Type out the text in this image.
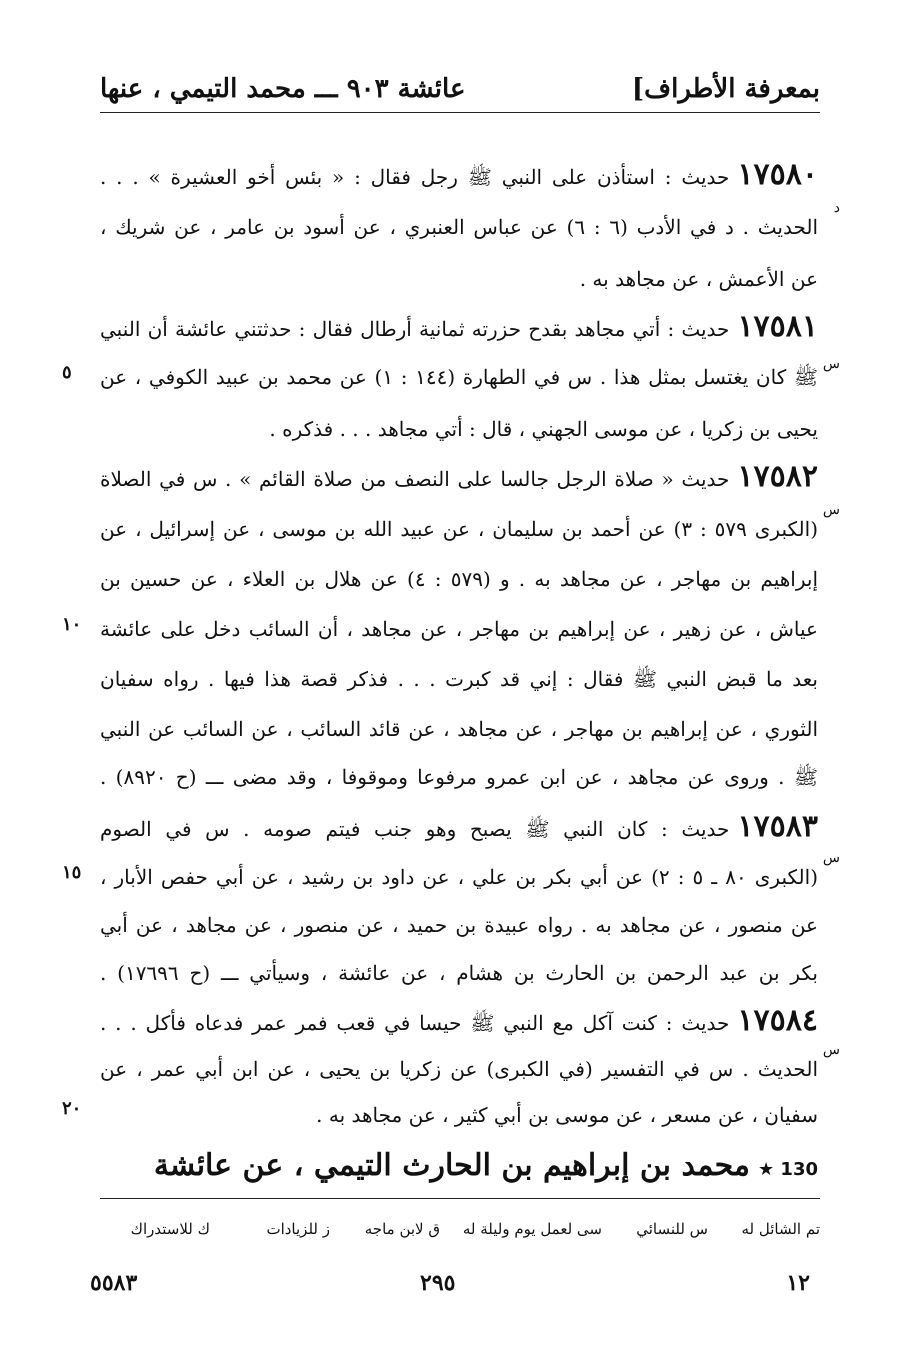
بمعرفة الأطراف]
عائشة ٩٠٣ ـــ محمد التيمي ، عنها
١٧٥٨٠حديث : استأذن على النبي ﷺ رجل فقال : « بئس أخو العشيرة » . . .
د
الحديث . د في الأدب (٦ : ٦) عن عباس العنبري ، عن أسود بن عامر ، عن شريك ،
عن الأعمش ، عن مجاهد به .
١٧٥٨١حديث : أتي مجاهد بقدح حزرته ثمانية أرطال فقال : حدثتني عائشة أن النبي
س
٥ ﷺ كان يغتسل بمثل هذا . س في الطهارة (١٤٤ : ١) عن محمد بن عبيد الكوفي ، عن
يحيى بن زكريا ، عن موسى الجهني ، قال : أتي مجاهد . . . فذكره .
١٧٥٨٢حديث « صلاة الرجل جالسا على النصف من صلاة القائم » . س في الصلاة
س
(الكبرى ٥٧٩ : ٣) عن أحمد بن سليمان ، عن عبيد الله بن موسى ، عن إسرائيل ، عن
إبراهيم بن مهاجر ، عن مجاهد به . و (٥٧٩ : ٤) عن هلال بن العلاء ، عن حسين بن
١٠ عياش ، عن زهير ، عن إبراهيم بن مهاجر ، عن مجاهد ، أن السائب دخل على عائشة
بعد ما قبض النبي ﷺ فقال : إني قد كبرت . . . فذكر قصة هذا فيها . رواه سفيان
الثوري ، عن إبراهيم بن مهاجر ، عن مجاهد ، عن قائد السائب ، عن السائب عن النبي
ﷺ . وروى عن مجاهد ، عن ابن عمرو مرفوعا وموقوفا ، وقد مضى ـــ (ح ٨٩٢٠) .
١٧٥٨٣حديث : كان النبي ﷺ يصبح وهو جنب فيتم صومه . س في الصوم
س
١٥ (الكبرى ٨٠ ـ ٥ : ٢) عن أبي بكر بن علي ، عن داود بن رشيد ، عن أبي حفص الأبار ،
عن منصور ، عن مجاهد به . رواه عبيدة بن حميد ، عن منصور ، عن مجاهد ، عن أبي
بكر بن عبد الرحمن بن الحارث بن هشام ، عن عائشة ، وسيأتي ـــ (ح ١٧٦٩٦) .
١٧٥٨٤حديث : كنت آكل مع النبي ﷺ حيسا في قعب فمر عمر فدعاه فأكل . . .
س
الحديث . س في التفسير (في الكبرى) عن زكريا بن يحيى ، عن ابن أبي عمر ، عن
٢٠	سفيان ، عن مسعر ، عن موسى بن أبي كثير ، عن مجاهد به .
130 ★محمد بن إبراهيم بن الحارث التيمي ، عن عائشة
تم الشائل له
س للنسائي
سى لعمل يوم وليلة له
ق لابن ماجه
ز للزيادات
ك للاستدراك
١٢
٢٩٥
٥٥٨٣
